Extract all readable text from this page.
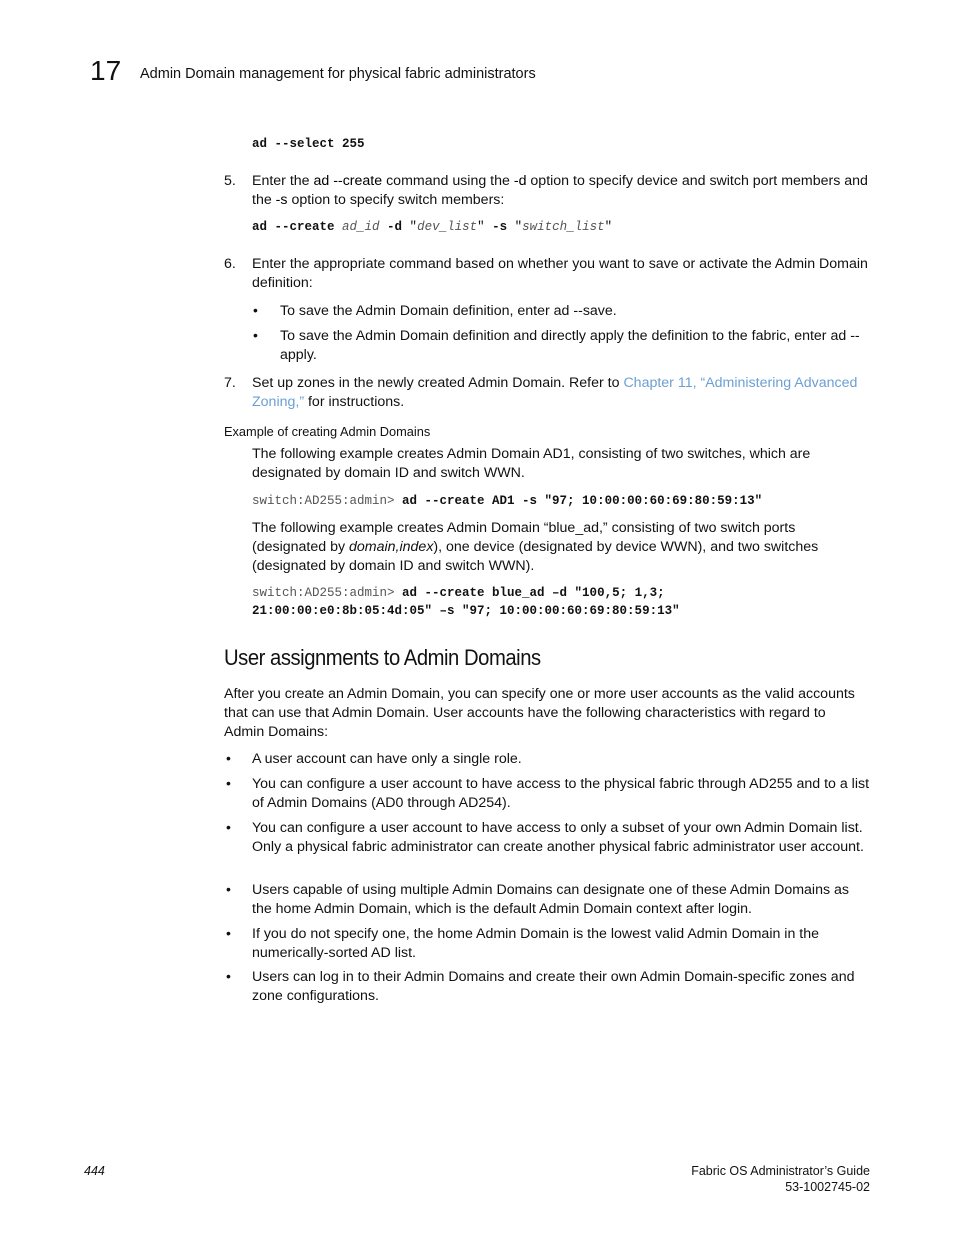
17 Admin Domain management for physical fabric administrators
ad --select 255
5. Enter the ad --create command using the -d option to specify device and switch port members and the -s option to specify switch members:
ad --create ad_id -d "dev_list" -s "switch_list"
6. Enter the appropriate command based on whether you want to save or activate the Admin Domain definition:
• To save the Admin Domain definition, enter ad --save.
• To save the Admin Domain definition and directly apply the definition to the fabric, enter ad --apply.
7. Set up zones in the newly created Admin Domain. Refer to Chapter 11, “Administering Advanced Zoning,” for instructions.
Example of creating Admin Domains
The following example creates Admin Domain AD1, consisting of two switches, which are designated by domain ID and switch WWN.
switch:AD255:admin> ad --create AD1 -s "97; 10:00:00:60:69:80:59:13"
The following example creates Admin Domain “blue_ad,” consisting of two switch ports (designated by domain,index), one device (designated by device WWN), and two switches (designated by domain ID and switch WWN).
switch:AD255:admin> ad --create blue_ad –d "100,5; 1,3;
21:00:00:e0:8b:05:4d:05" –s "97; 10:00:00:60:69:80:59:13"
User assignments to Admin Domains
After you create an Admin Domain, you can specify one or more user accounts as the valid accounts that can use that Admin Domain. User accounts have the following characteristics with regard to Admin Domains:
• A user account can have only a single role.
• You can configure a user account to have access to the physical fabric through AD255 and to a list of Admin Domains (AD0 through AD254).
• You can configure a user account to have access to only a subset of your own Admin Domain list. Only a physical fabric administrator can create another physical fabric administrator user account.
• Users capable of using multiple Admin Domains can designate one of these Admin Domains as the home Admin Domain, which is the default Admin Domain context after login.
• If you do not specify one, the home Admin Domain is the lowest valid Admin Domain in the numerically-sorted AD list.
• Users can log in to their Admin Domains and create their own Admin Domain-specific zones and zone configurations.
444	Fabric OS Administrator’s Guide
53-1002745-02
